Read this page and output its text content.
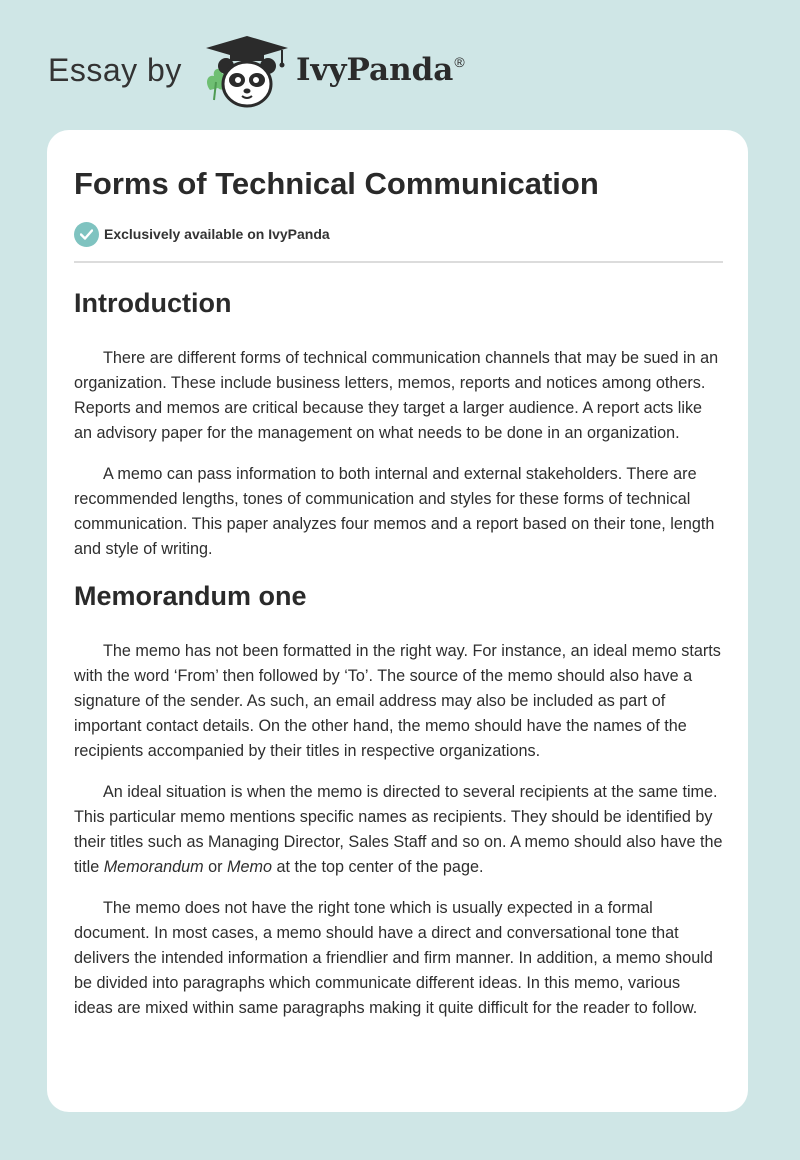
Essay by	IvyPanda®
Forms of Technical Communication
Exclusively available on IvyPanda
Introduction

There are different forms of technical communication channels that may be sued in an organization. These include business letters, memos, reports and notices among others. Reports and memos are critical because they target a larger audience. A report acts like an advisory paper for the management on what needs to be done in an organization.

A memo can pass information to both internal and external stakeholders. There are recommended lengths, tones of communication and styles for these forms of technical communication. This paper analyzes four memos and a report based on their tone, length and style of writing.

Memorandum one

The memo has not been formatted in the right way. For instance, an ideal memo starts with the word ‘From’ then followed by ‘To’. The source of the memo should also have a signature of the sender. As such, an email address may also be included as part of important contact details. On the other hand, the memo should have the names of the recipients accompanied by their titles in respective organizations.

An ideal situation is when the memo is directed to several recipients at the same time. This particular memo mentions specific names as recipients. They should be identified by their titles such as Managing Director, Sales Staff and so on. A memo should also have the title Memorandum or Memo at the top center of the page.

The memo does not have the right tone which is usually expected in a formal document. In most cases, a memo should have a direct and conversational tone that delivers the intended information a friendlier and firm manner. In addition, a memo should be divided into paragraphs which communicate different ideas. In this memo, various ideas are mixed within same paragraphs making it quite difficult for the reader to follow.
